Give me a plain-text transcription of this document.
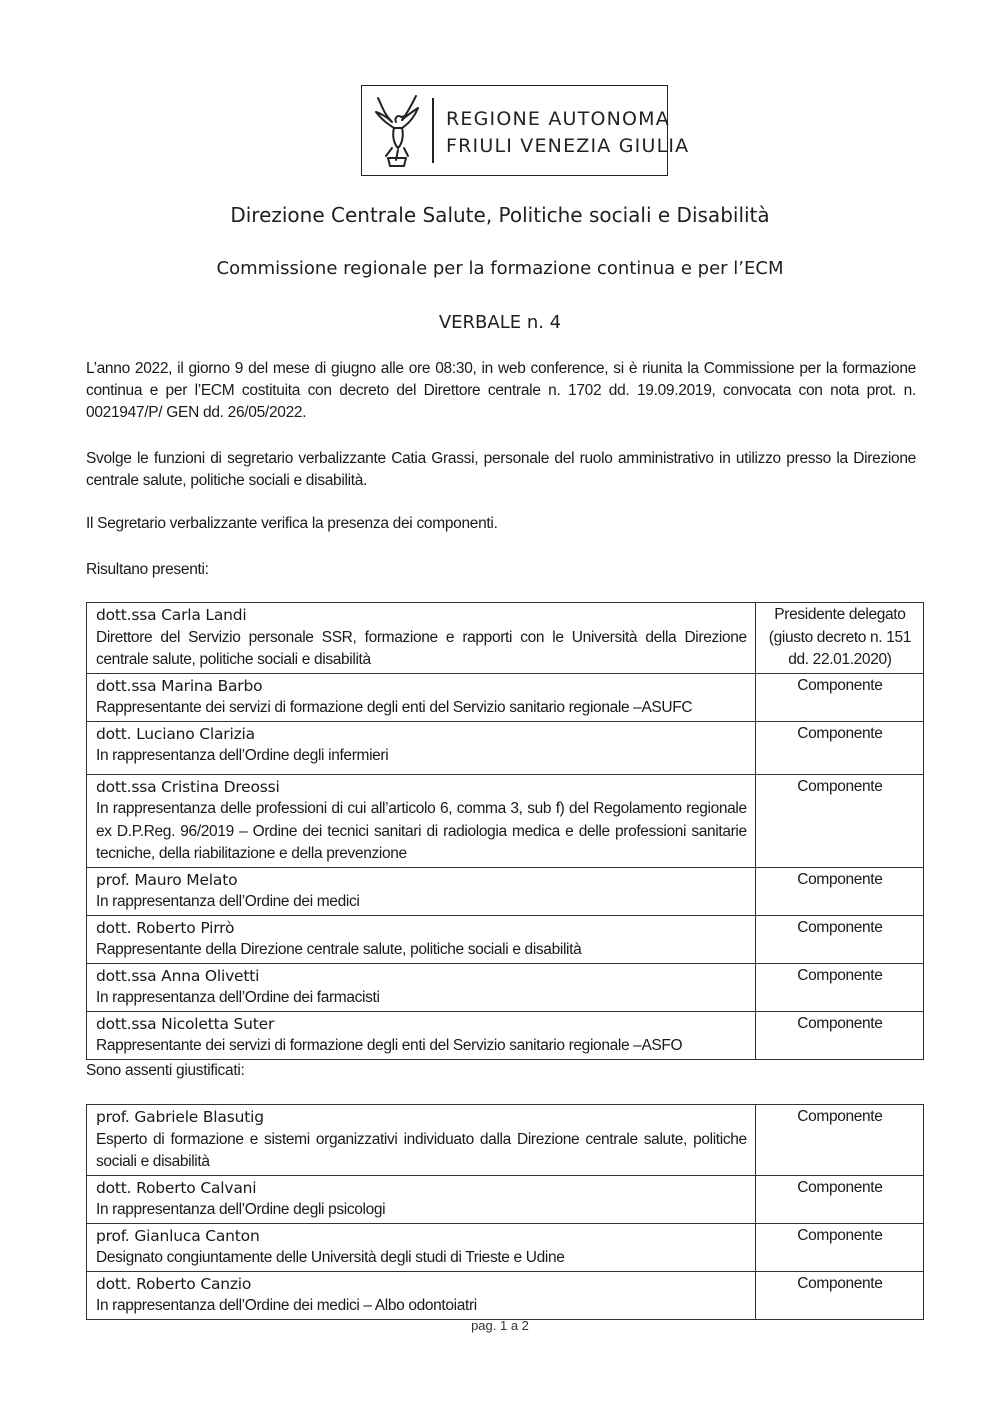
REGIONE AUTONOMA
FRIULI VENEZIA GIULIA
Direzione Centrale Salute, Politiche sociali e Disabilità
Commissione regionale per la formazione continua e per l’ECM
VERBALE n. 4

L’anno 2022, il giorno 9 del mese di giugno alle ore 08:30, in web conference, si è riunita la Commissione per la formazione continua e per l’ECM costituita con decreto del Direttore centrale n. 1702 dd. 19.09.2019, convocata con nota prot. n. 0021947/P/ GEN dd. 26/05/2022.

Svolge le funzioni di segretario verbalizzante Catia Grassi, personale del ruolo amministrativo in utilizzo presso la Direzione centrale salute, politiche sociali e disabilità.

Il Segretario verbalizzante verifica la presenza dei componenti.

Risultano presenti:

dott.ssa Carla Landi
Direttore del Servizio personale SSR, formazione e rapporti con le Università della Direzione centrale salute, politiche sociali e disabilità	Presidente delegato (giusto decreto n. 151 dd. 22.01.2020)

dott.ssa Marina Barbo
Rappresentante dei servizi di formazione degli enti del Servizio sanitario regionale –ASUFC	Componente

dott. Luciano Clarizia
In rappresentanza dell’Ordine degli infermieri	Componente

dott.ssa Cristina Dreossi
In rappresentanza delle professioni di cui all’articolo 6, comma 3, sub f) del Regolamento regionale ex D.P.Reg. 96/2019 – Ordine dei tecnici sanitari di radiologia medica e delle professioni sanitarie tecniche, della riabilitazione e della prevenzione	Componente

prof. Mauro Melato
In rappresentanza dell’Ordine dei medici	Componente

dott. Roberto Pirrò
Rappresentante della Direzione centrale salute, politiche sociali e disabilità	Componente

dott.ssa Anna Olivetti
In rappresentanza dell’Ordine dei farmacisti	Componente

dott.ssa Nicoletta Suter
Rappresentante dei servizi di formazione degli enti del Servizio sanitario regionale –ASFO	Componente

Sono assenti giustificati:

prof. Gabriele Blasutig
Esperto di formazione e sistemi organizzativi individuato dalla Direzione centrale salute, politiche sociali e disabilità	Componente

dott. Roberto Calvani
In rappresentanza dell’Ordine degli psicologi	Componente

prof. Gianluca Canton
Designato congiuntamente delle Università degli studi di Trieste e Udine	Componente

dott. Roberto Canzio
In rappresentanza dell’Ordine dei medici – Albo odontoiatri	Componente
pag. 1 a 2
